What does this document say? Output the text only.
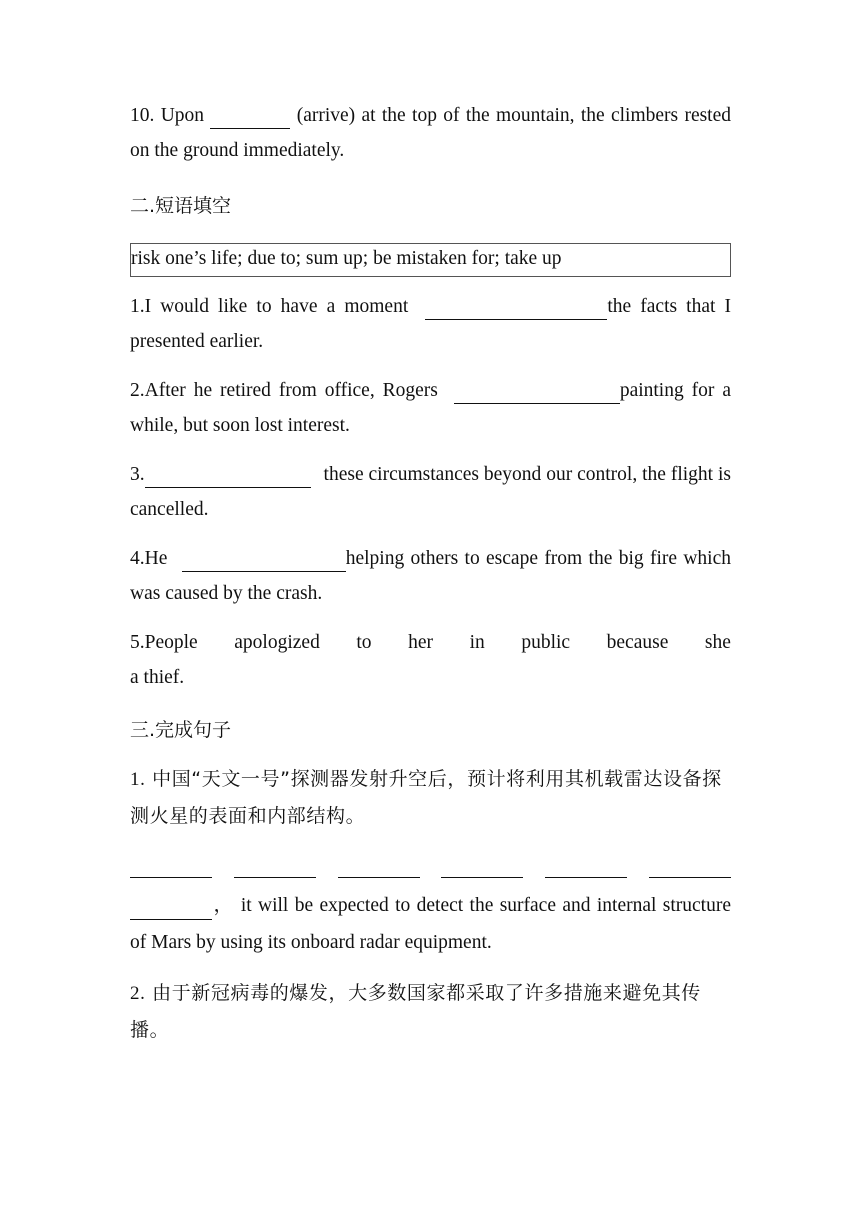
10. Upon	(arrive) at the top of the mountain, the climbers rested on the ground immediately.

二.短语填空

risk one’s life; due to; sum up; be mistaken for; take up

1.I would like to have a moment	the facts that I presented earlier.

2.After he retired from office, Rogers	painting for a while, but soon lost interest.

3.	these circumstances beyond our control, the flight is cancelled.

4.He	helping others to escape from the big fire which was caused by the crash.

5.People apologized to her in public because she
a thief.

三.完成句子

1. 中国“天文一号”探测器发射升空后，预计将利用其机载雷达设备探测火星的表面和内部结构。

， it will be expected to detect the surface and internal structure of Mars by using its onboard radar equipment.

2. 由于新冠病毒的爆发，大多数国家都采取了许多措施来避免其传播。
